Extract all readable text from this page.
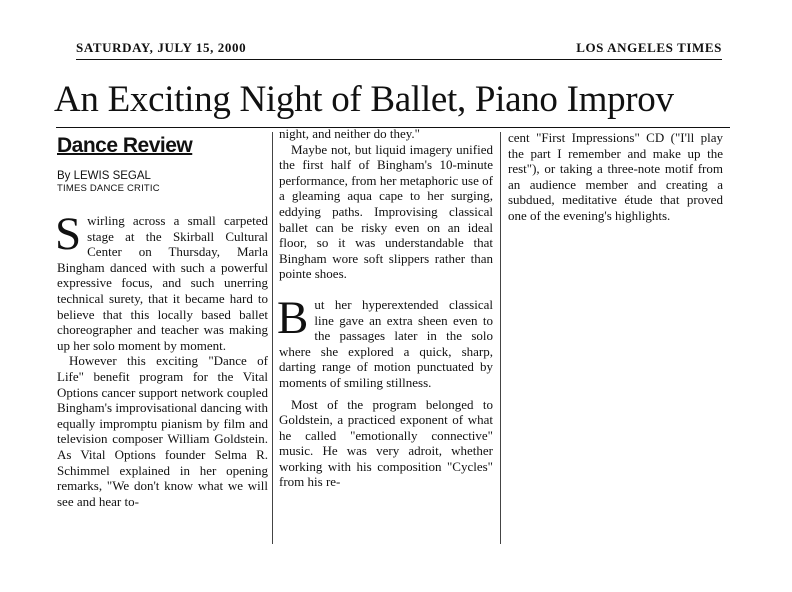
SATURDAY, JULY 15, 2000	LOS ANGELES TIMES
An Exciting Night of Ballet, Piano Improv
Dance Review
By LEWIS SEGAL
TIMES DANCE CRITIC

Swirling across a small carpeted stage at the Skirball Cultural Center on Thursday, Marla Bingham danced with such a powerful expressive focus, and such unerring technical surety, that it became hard to believe that this locally based ballet choreographer and teacher was making up her solo moment by moment.

However this exciting "Dance of Life" benefit program for the Vital Options cancer support network coupled Bingham's improvisational dancing with equally impromptu pianism by film and television composer William Goldstein. As Vital Options founder Selma R. Schimmel explained in her opening remarks, "We don't know what we will see and hear to-

night, and neither do they."

Maybe not, but liquid imagery unified the first half of Bingham's 10-minute performance, from her metaphoric use of a gleaming aqua cape to her surging, eddying paths. Improvising classical ballet can be risky even on an ideal floor, so it was understandable that Bingham wore soft slippers rather than pointe shoes.

But her hyperextended classical line gave an extra sheen even to the passages later in the solo where she explored a quick, sharp, darting range of motion punctuated by moments of smiling stillness.

Most of the program belonged to Goldstein, a practiced exponent of what he called "emotionally connective" music. He was very adroit, whether working with his composition "Cycles" from his re-

cent "First Impressions" CD ("I'll play the part I remember and make up the rest"), or taking a three-note motif from an audience member and creating a subdued, meditative étude that proved one of the evening's highlights.
